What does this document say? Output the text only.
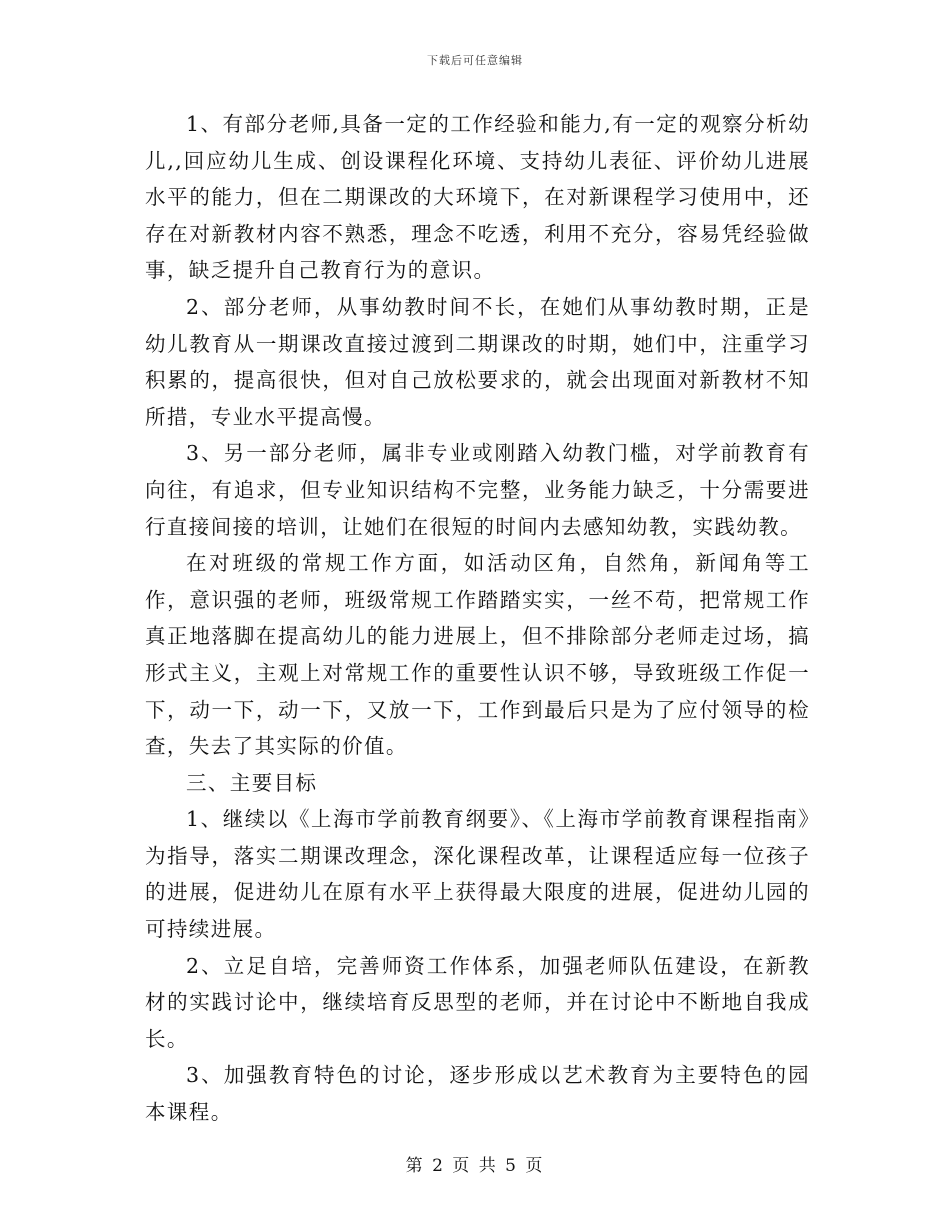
下载后可任意编辑

1、有部分老师,具备一定的工作经验和能力,有一定的观察分析幼儿,,回应幼儿生成、创设课程化环境、支持幼儿表征、评价幼儿进展水平的能力，但在二期课改的大环境下，在对新课程学习使用中，还存在对新教材内容不熟悉，理念不吃透，利用不充分，容易凭经验做事，缺乏提升自己教育行为的意识。

2、部分老师，从事幼教时间不长，在她们从事幼教时期，正是幼儿教育从一期课改直接过渡到二期课改的时期，她们中，注重学习积累的，提高很快，但对自己放松要求的，就会出现面对新教材不知所措，专业水平提高慢。

3、另一部分老师，属非专业或刚踏入幼教门槛，对学前教育有向往，有追求，但专业知识结构不完整，业务能力缺乏，十分需要进行直接间接的培训，让她们在很短的时间内去感知幼教，实践幼教。

在对班级的常规工作方面，如活动区角，自然角，新闻角等工作，意识强的老师，班级常规工作踏踏实实，一丝不苟，把常规工作真正地落脚在提高幼儿的能力进展上，但不排除部分老师走过场，搞形式主义，主观上对常规工作的重要性认识不够，导致班级工作促一下，动一下，动一下，又放一下，工作到最后只是为了应付领导的检查，失去了其实际的价值。

三、主要目标

1、继续以《上海市学前教育纲要》、《上海市学前教育课程指南》为指导，落实二期课改理念，深化课程改革，让课程适应每一位孩子的进展，促进幼儿在原有水平上获得最大限度的进展，促进幼儿园的可持续进展。

2、立足自培，完善师资工作体系，加强老师队伍建设，在新教材的实践讨论中，继续培育反思型的老师，并在讨论中不断地自我成长。

3、加强教育特色的讨论，逐步形成以艺术教育为主要特色的园本课程。

第 2 页 共 5 页
